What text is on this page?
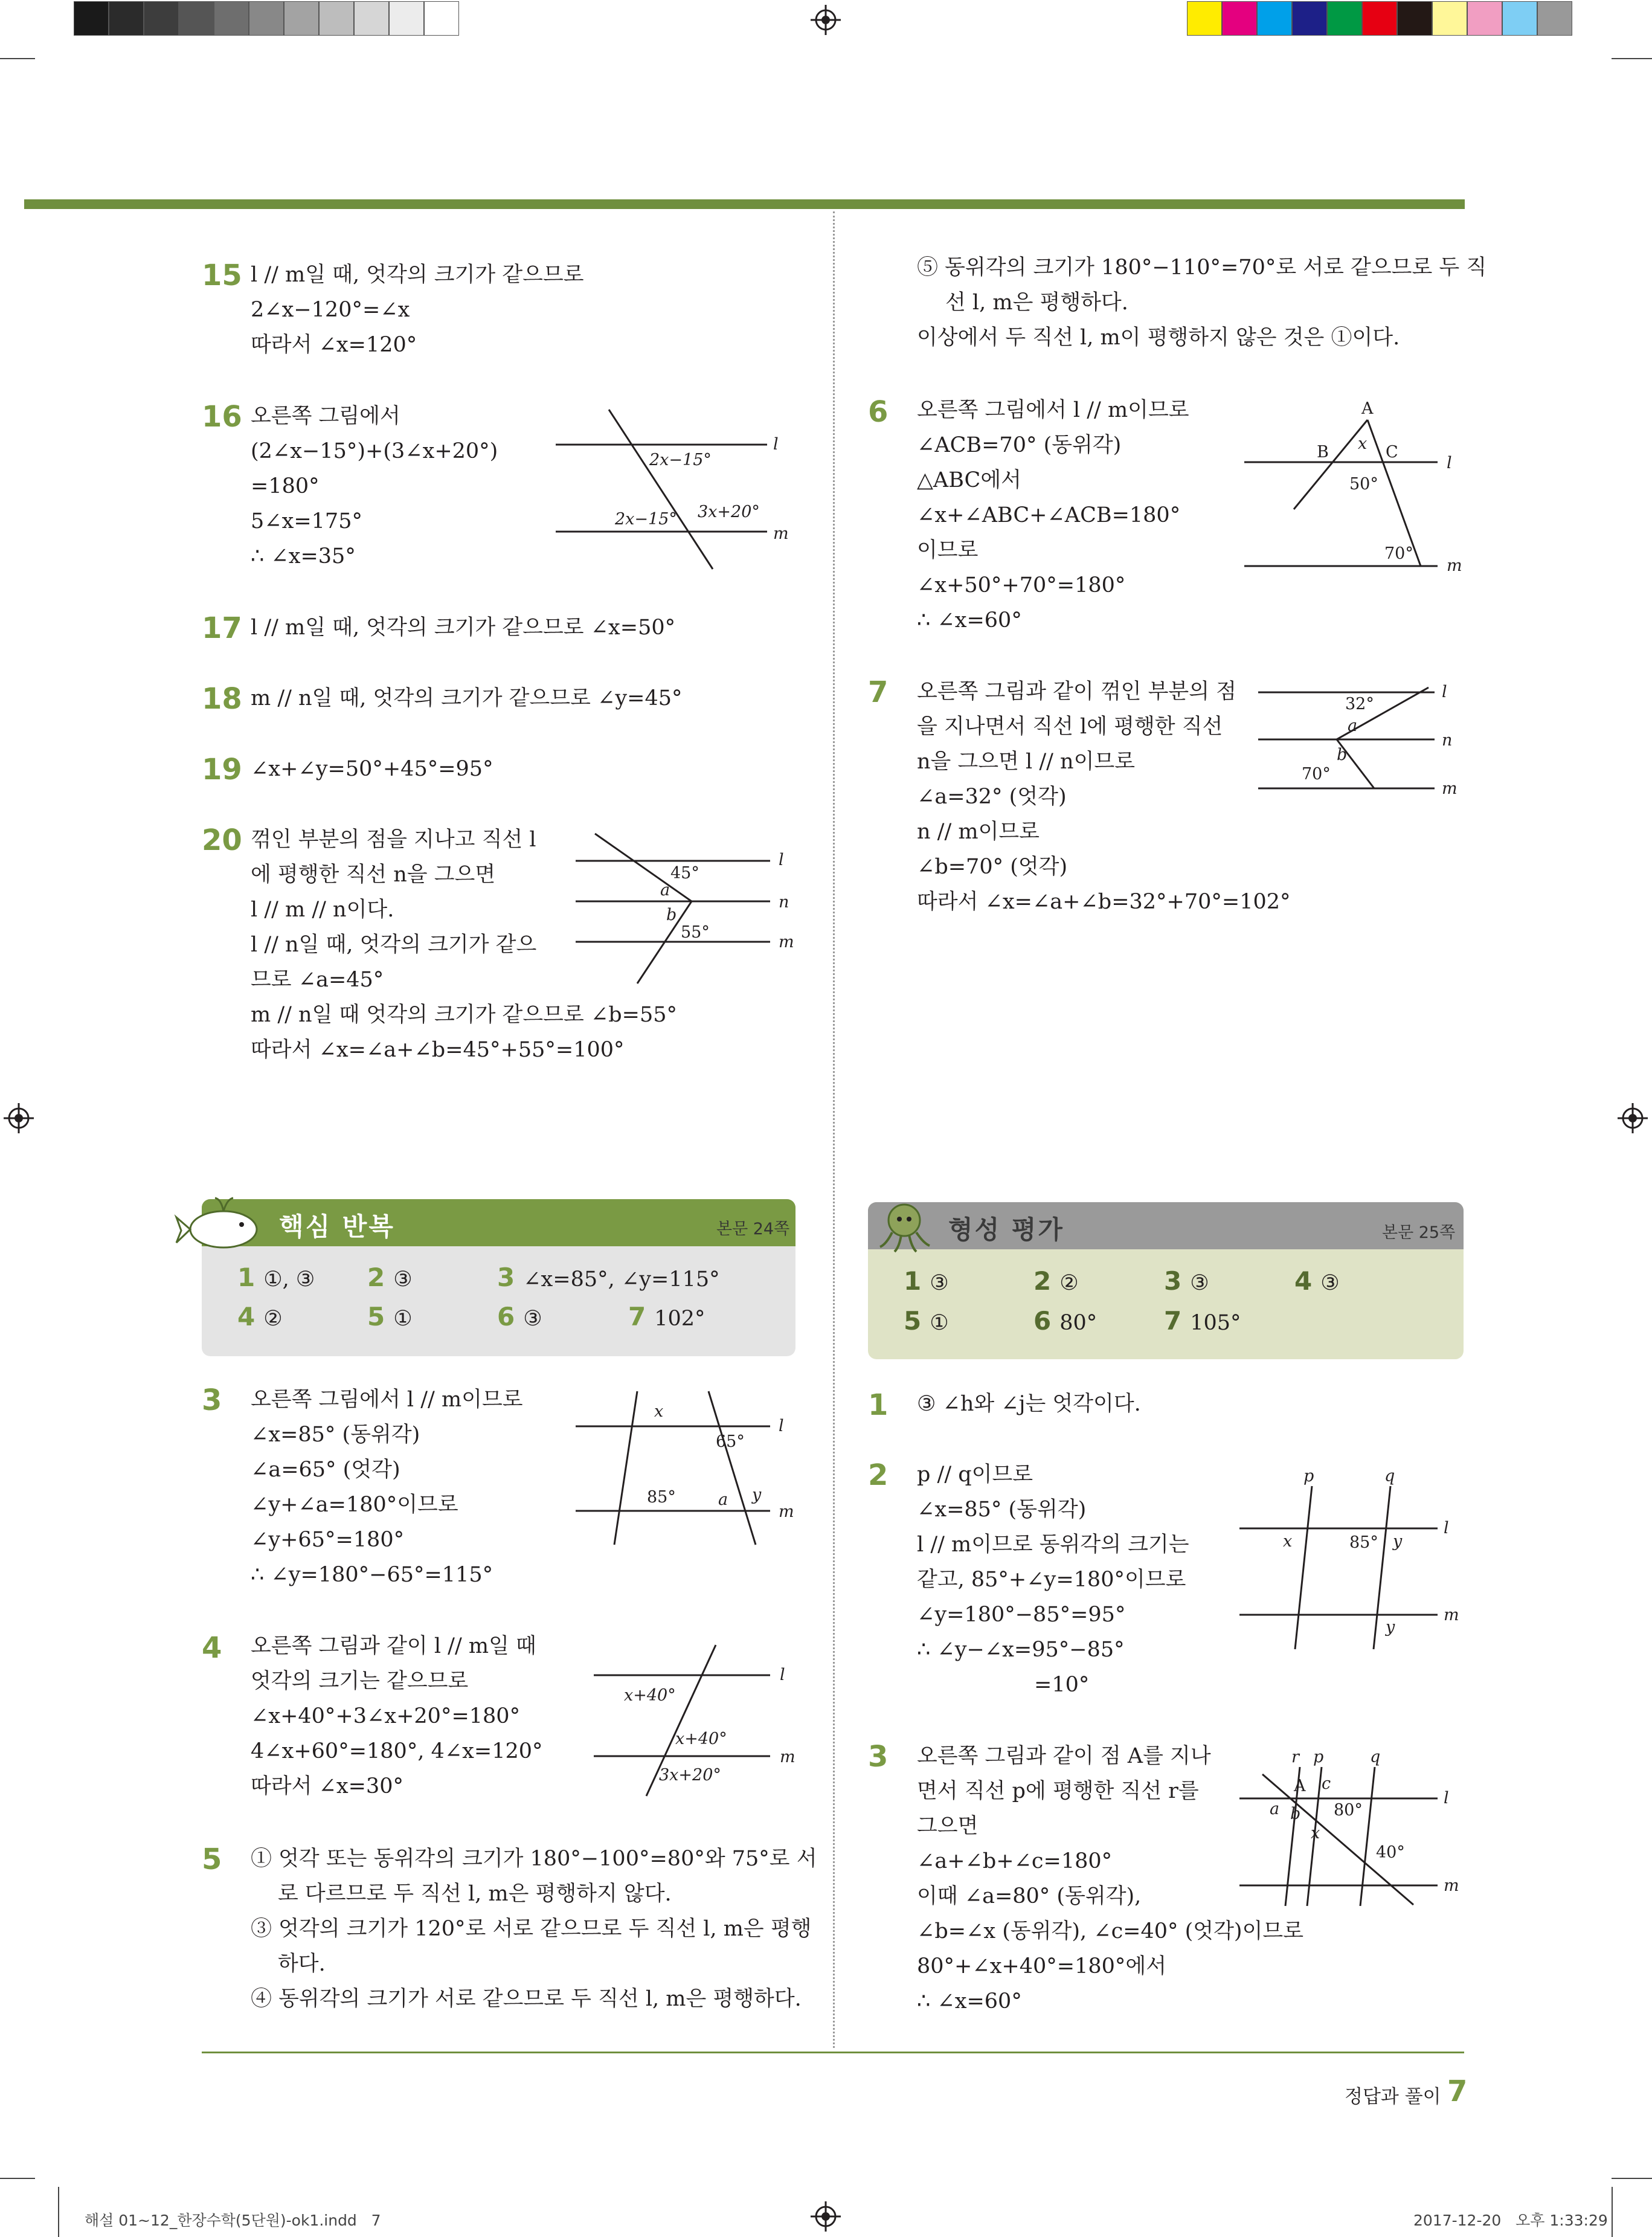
15 l // m일 때, 엇각의 크기가 같으므로
2∠x−120°=∠x
따라서 ∠x=120°
16 오른쪽 그림에서
(2∠x−15°)+(3∠x+20°)
=180°
5∠x=175°
∴ ∠x=35°
l
m
2x−15°
2x−15° 3x+20°
17 l // m일 때, 엇각의 크기가 같으므로 ∠x=50°
18 m // n일 때, 엇각의 크기가 같으므로 ∠y=45°
19 ∠x+∠y=50°+45°=95°
20 꺾인 부분의 점을 지나고 직선 l
에 평행한 직선 n을 그으면
l // m // n이다.
l // n일 때, 엇각의 크기가 같으
므로 ∠a=45°
m // n일 때 엇각의 크기가 같으므로 ∠b=55°
따라서 ∠x=∠a+∠b=45°+55°=100°
l
n
m
45°
a
b
55°
⑤ 동위각의 크기가 180°−110°=70°로 서로 같으므로 두 직
선 l, m은 평행하다.
이상에서 두 직선 l, m이 평행하지 않은 것은 ①이다.
6 오른쪽 그림에서 l // m이므로
∠ACB=70° (동위각)
△ABC에서
∠x+∠ABC+∠ACB=180°
이므로
∠x+50°+70°=180°
∴ ∠x=60°
A
B	C
x
50°
70°
l
m
7 오른쪽 그림과 같이 꺾인 부분의 점
을 지나면서 직선 l에 평행한 직선
n을 그으면 l // n이므로
∠a=32° (엇각)
n // m이므로
∠b=70° (엇각)
따라서 ∠x=∠a+∠b=32°+70°=102°
l
n
m
32°
a
b
70°
핵심 반복	본문 24쪽
1 ①, ③ 2 ③	3 ∠x=85°, ∠y=115°
4 ②	5 ①	6 ③	7 102°
형성 평가	본문 25쪽
1 ③	2 ②	3 ③	4 ③
5 ①	6 80°	7 105°
3 오른쪽 그림에서 l // m이므로
∠x=85° (동위각)
∠a=65° (엇각)
∠y+∠a=180°이므로
∠y+65°=180°
∴ ∠y=180°−65°=115°
x
65°
85°	a y
l
m
4 오른쪽 그림과 같이 l // m일 때
엇각의 크기는 같으므로
∠x+40°+3∠x+20°=180°
4∠x+60°=180°, 4∠x=120°
따라서 ∠x=30°
x+40°
x+40°
3x+20°
l
m
5 ① 엇각 또는 동위각의 크기가 180°−100°=80°와 75°로 서
로 다르므로 두 직선 l, m은 평행하지 않다.
③ 엇각의 크기가 120°로 서로 같으므로 두 직선 l, m은 평행
하다.
④ 동위각의 크기가 서로 같으므로 두 직선 l, m은 평행하다.
1 ③ ∠h와 ∠j는 엇각이다.
2 p // q이므로
∠x=85° (동위각)
l // m이므로 동위각의 크기는
같고, 85°+∠y=180°이므로
∠y=180°−85°=95°
∴ ∠y−∠x=95°−85°
=10°
p	q
l
m
x	85° y
y
3 오른쪽 그림과 같이 점 A를 지나
면서 직선 p에 평행한 직선 r를
그으면
∠a+∠b+∠c=180°
이때 ∠a=80° (동위각),
∠b=∠x (동위각), ∠c=40° (엇각)이므로
80°+∠x+40°=180°에서
∴ ∠x=60°
r p	q
A c
a b 80°
x
40°
l
m
정답과 풀이 7
해설 01~12_한장수학(5단원)-ok1.indd   7	2017-12-20   오후 1:33:29
